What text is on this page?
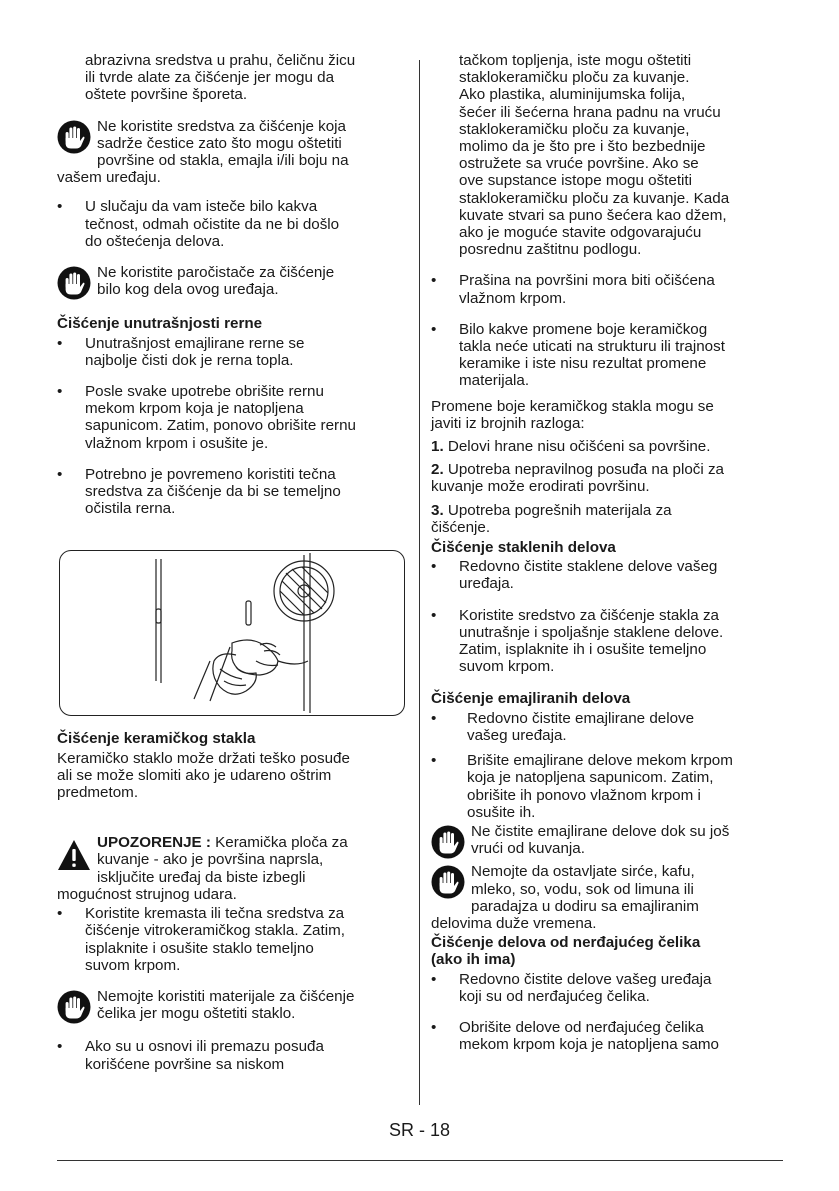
abrazivna sredstva u prahu, čeličnu žicu
ili tvrde alate za čišćenje jer mogu da
oštete površine šporeta.
Ne koristite sredstva za čišćenje koja
sadrže čestice zato što mogu oštetiti
površine od stakla, emajla i/ili boju na
vašem uređaju.
• U slučaju da vam isteče bilo kakva
tečnost, odmah očistite da ne bi došlo
do oštećenja delova.
Ne koristite paročistače za čišćenje
bilo kog dela ovog uređaja.
Čišćenje unutrašnjosti rerne
• Unutrašnjost emajlirane rerne se
najbolje čisti dok je rerna topla.
• Posle svake upotrebe obrišite rernu
mekom krpom koja je natopljena
sapunicom. Zatim, ponovo obrišite rernu
vlažnom krpom i osušite je.
• Potrebno je povremeno koristiti tečna
sredstva za čišćenje da bi se temeljno
očistila rerna.
Čišćenje keramičkog stakla
Keramičko staklo može držati teško posuđe
ali se može slomiti ako je udareno oštrim
predmetom.
UPOZORENJE : Keramička ploča za
kuvanje - ako je površina naprsla,
isključite uređaj da biste izbegli
mogućnost strujnog udara.
• Koristite kremasta ili tečna sredstva za
čišćenje vitrokeramičkog stakla. Zatim,
isplaknite i osušite staklo temeljno
suvom krpom.
Nemojte koristiti materijale za čišćenje
čelika jer mogu oštetiti staklo.
• Ako su u osnovi ili premazu posuđa
korišćene površine sa niskom
tačkom topljenja, iste mogu oštetiti
staklokeramičku ploču za kuvanje.
Ako plastika, aluminijumska folija,
šećer ili šećerna hrana padnu na vruću
staklokeramičku ploču za kuvanje,
molimo da je što pre i što bezbednije
ostružete sa vruće površine. Ako se
ove supstance istope mogu oštetiti
staklokeramičku ploču za kuvanje. Kada
kuvate stvari sa puno šećera kao džem,
ako je moguće stavite odgovarajuću
posrednu zaštitnu podlogu.
• Prašina na površini mora biti očišćena
vlažnom krpom.
• Bilo kakve promene boje keramičkog
takla neće uticati na strukturu ili trajnost
keramike i iste nisu rezultat promene
materijala.
Promene boje keramičkog stakla mogu se
javiti iz brojnih razloga:
1. Delovi hrane nisu očišćeni sa površine.
2. Upotreba nepravilnog posuđa na ploči za
kuvanje može erodirati površinu.
3. Upotreba pogrešnih materijala za
čišćenje.
Čišćenje staklenih delova
• Redovno čistite staklene delove vašeg
uređaja.
• Koristite sredstvo za čišćenje stakla za
unutrašnje i spoljašnje staklene delove.
Zatim, isplaknite ih i osušite temeljno
suvom krpom.
Čišćenje emajliranih delova
• Redovno čistite emajlirane delove
vašeg uređaja.
• Brišite emajlirane delove mekom krpom
koja je natopljena sapunicom. Zatim,
obrišite ih ponovo vlažnom krpom i
osušite ih.
Ne čistite emajlirane delove dok su još
vrući od kuvanja.
Nemojte da ostavljate sirće, kafu,
mleko, so, vodu, sok od limuna ili
paradajza u dodiru sa emajliranim
delovima duže vremena.
Čišćenje delova od nerđajućeg čelika
(ako ih ima)
• Redovno čistite delove vašeg uređaja
koji su od nerđajućeg čelika.
• Obrišite delove od nerđajućeg čelika
mekom krpom koja je natopljena samo
SR - 18
